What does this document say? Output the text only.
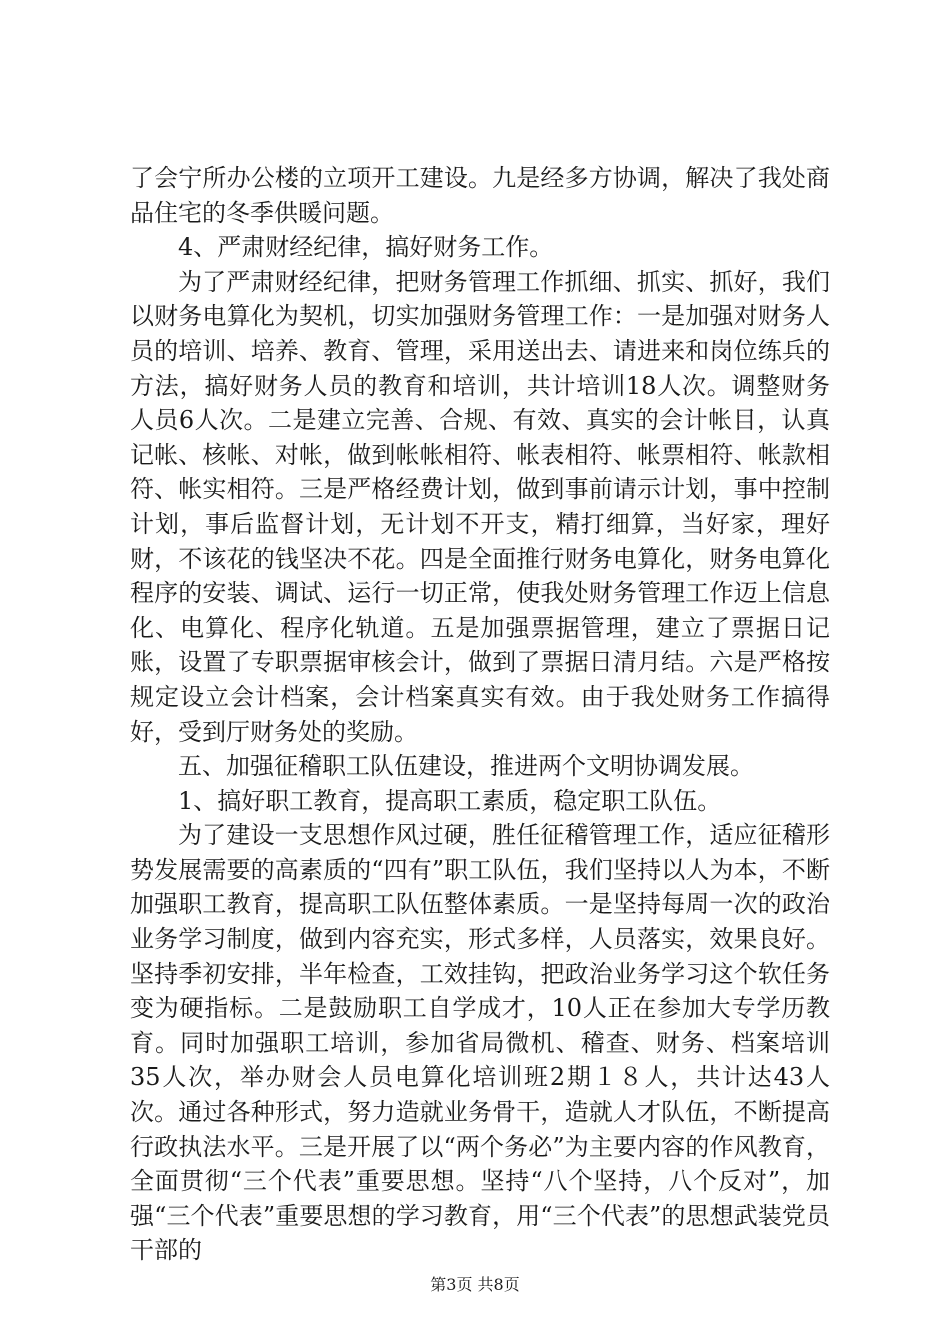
了会宁所办公楼的立项开工建设。九是经多方协调，解决了我处商品住宅的冬季供暖问题。

4、严肃财经纪律，搞好财务工作。

为了严肃财经纪律，把财务管理工作抓细、抓实、抓好，我们以财务电算化为契机，切实加强财务管理工作：一是加强对财务人员的培训、培养、教育、管理，采用送出去、请进来和岗位练兵的方法，搞好财务人员的教育和培训，共计培训18人次。调整财务人员6人次。二是建立完善、合规、有效、真实的会计帐目，认真记帐、核帐、对帐，做到帐帐相符、帐表相符、帐票相符、帐款相符、帐实相符。三是严格经费计划，做到事前请示计划，事中控制计划，事后监督计划，无计划不开支，精打细算，当好家，理好财，不该花的钱坚决不花。四是全面推行财务电算化，财务电算化程序的安装、调试、运行一切正常，使我处财务管理工作迈上信息化、电算化、程序化轨道。五是加强票据管理，建立了票据日记账，设置了专职票据审核会计，做到了票据日清月结。六是严格按规定设立会计档案，会计档案真实有效。由于我处财务工作搞得好，受到厅财务处的奖励。

五、加强征稽职工队伍建设，推进两个文明协调发展。

1、搞好职工教育，提高职工素质，稳定职工队伍。

为了建设一支思想作风过硬，胜任征稽管理工作，适应征稽形势发展需要的高素质的“四有”职工队伍，我们坚持以人为本，不断加强职工教育，提高职工队伍整体素质。一是坚持每周一次的政治业务学习制度，做到内容充实，形式多样，人员落实，效果良好。坚持季初安排，半年检查，工效挂钩，把政治业务学习这个软任务变为硬指标。二是鼓励职工自学成才，10人正在参加大专学历教育。同时加强职工培训，参加省局微机、稽查、财务、档案培训35人次，举办财会人员电算化培训班2期１８人，共计达43人次。通过各种形式，努力造就业务骨干，造就人才队伍，不断提高行政执法水平。三是开展了以“两个务必”为主要内容的作风教育，全面贯彻“三个代表”重要思想。坚持“八个坚持，八个反对”，加强“三个代表”重要思想的学习教育，用“三个代表”的思想武装党员干部的

第3页 共8页
